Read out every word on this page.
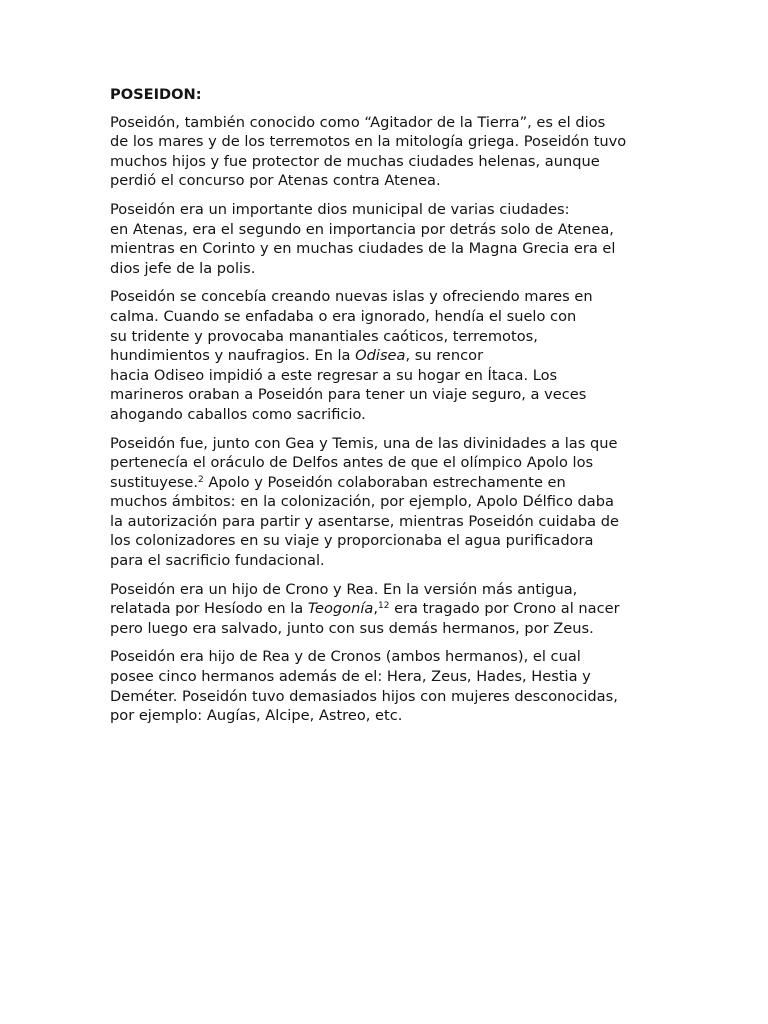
POSEIDON:
Poseidón, también conocido como “Agitador de la Tierra”, es el dios
de los mares y de los terremotos en la mitología griega. Poseidón tuvo
muchos hijos y fue protector de muchas ciudades helenas, aunque
perdió el concurso por Atenas contra Atenea.
Poseidón era un importante dios municipal de varias ciudades:
en Atenas, era el segundo en importancia por detrás solo de Atenea,
mientras en Corinto y en muchas ciudades de la Magna Grecia era el
dios jefe de la polis.
Poseidón se concebía creando nuevas islas y ofreciendo mares en
calma. Cuando se enfadaba o era ignorado, hendía el suelo con
su tridente y provocaba manantiales caóticos, terremotos,
hundimientos y naufragios. En la Odisea, su rencor
hacia Odiseo impidió a este regresar a su hogar en Ítaca. Los
marineros oraban a Poseidón para tener un viaje seguro, a veces
ahogando caballos como sacrificio.
Poseidón fue, junto con Gea y Temis, una de las divinidades a las que
pertenecía el oráculo de Delfos antes de que el olímpico Apolo los
sustituyese.$^2$ Apolo y Poseidón colaboraban estrechamente en
muchos ámbitos: en la colonización, por ejemplo, Apolo Délfico daba
la autorización para partir y asentarse, mientras Poseidón cuidaba de
los colonizadores en su viaje y proporcionaba el agua purificadora
para el sacrificio fundacional.
Poseidón era un hijo de Crono y Rea. En la versión más antigua,
relatada por Hesíodo en la Teogonía,$^{12}$ era tragado por Crono al nacer
pero luego era salvado, junto con sus demás hermanos, por Zeus.
Poseidón era hijo de Rea y de Cronos (ambos hermanos), el cual
posee cinco hermanos además de el: Hera, Zeus, Hades, Hestia y
Deméter. Poseidón tuvo demasiados hijos con mujeres desconocidas,
por ejemplo: Augías, Alcipe, Astreo, etc.
